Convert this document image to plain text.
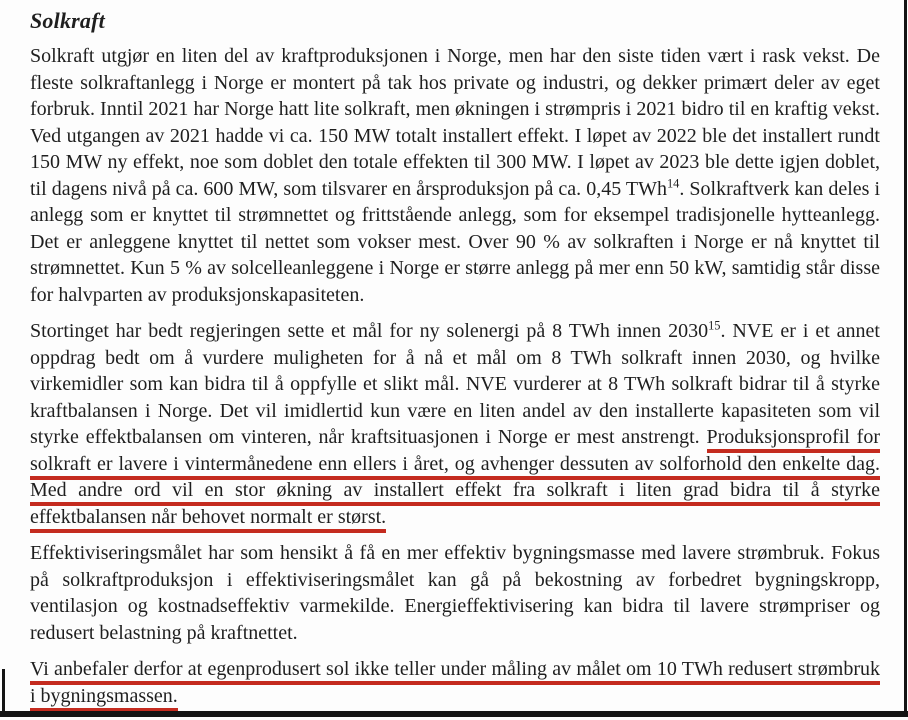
Solkraft

Solkraft utgjør en liten del av kraftproduksjonen i Norge, men har den siste tiden vært i rask vekst. De fleste solkraftanlegg i Norge er montert på tak hos private og industri, og dekker primært deler av eget forbruk. Inntil 2021 har Norge hatt lite solkraft, men økningen i strømpris i 2021 bidro til en kraftig vekst. Ved utgangen av 2021 hadde vi ca. 150 MW totalt installert effekt. I løpet av 2022 ble det installert rundt 150 MW ny effekt, noe som doblet den totale effekten til 300 MW. I løpet av 2023 ble dette igjen doblet, til dagens nivå på ca. 600 MW, som tilsvarer en årsproduksjon på ca. 0,45 TWh$^{14}$. Solkraftverk kan deles i anlegg som er knyttet til strømnettet og frittstående anlegg, som for eksempel tradisjonelle hytteanlegg. Det er anleggene knyttet til nettet som vokser mest. Over 90 % av solkraften i Norge er nå knyttet til strømnettet. Kun 5 % av solcelleanleggene i Norge er større anlegg på mer enn 50 kW, samtidig står disse for halvparten av produksjonskapasiteten.

Stortinget har bedt regjeringen sette et mål for ny solenergi på 8 TWh innen 2030$^{15}$. NVE er i et annet oppdrag bedt om å vurdere muligheten for å nå et mål om 8 TWh solkraft innen 2030, og hvilke virkemidler som kan bidra til å oppfylle et slikt mål. NVE vurderer at 8 TWh solkraft bidrar til å styrke kraftbalansen i Norge. Det vil imidlertid kun være en liten andel av den installerte kapasiteten som vil styrke effektbalansen om vinteren, når kraftsituasjonen i Norge er mest anstrengt. Produksjonsprofil for solkraft er lavere i vintermånedene enn ellers i året, og avhenger dessuten av solforhold den enkelte dag. Med andre ord vil en stor økning av installert effekt fra solkraft i liten grad bidra til å styrke effektbalansen når behovet normalt er størst.

Effektiviseringsmålet har som hensikt å få en mer effektiv bygningsmasse med lavere strømbruk. Fokus på solkraftproduksjon i effektiviseringsmålet kan gå på bekostning av forbedret bygningskropp, ventilasjon og kostnadseffektiv varmekilde. Energieffektivisering kan bidra til lavere strømpriser og redusert belastning på kraftnettet.

Vi anbefaler derfor at egenprodusert sol ikke teller under måling av målet om 10 TWh redusert strømbruk i bygningsmassen.
